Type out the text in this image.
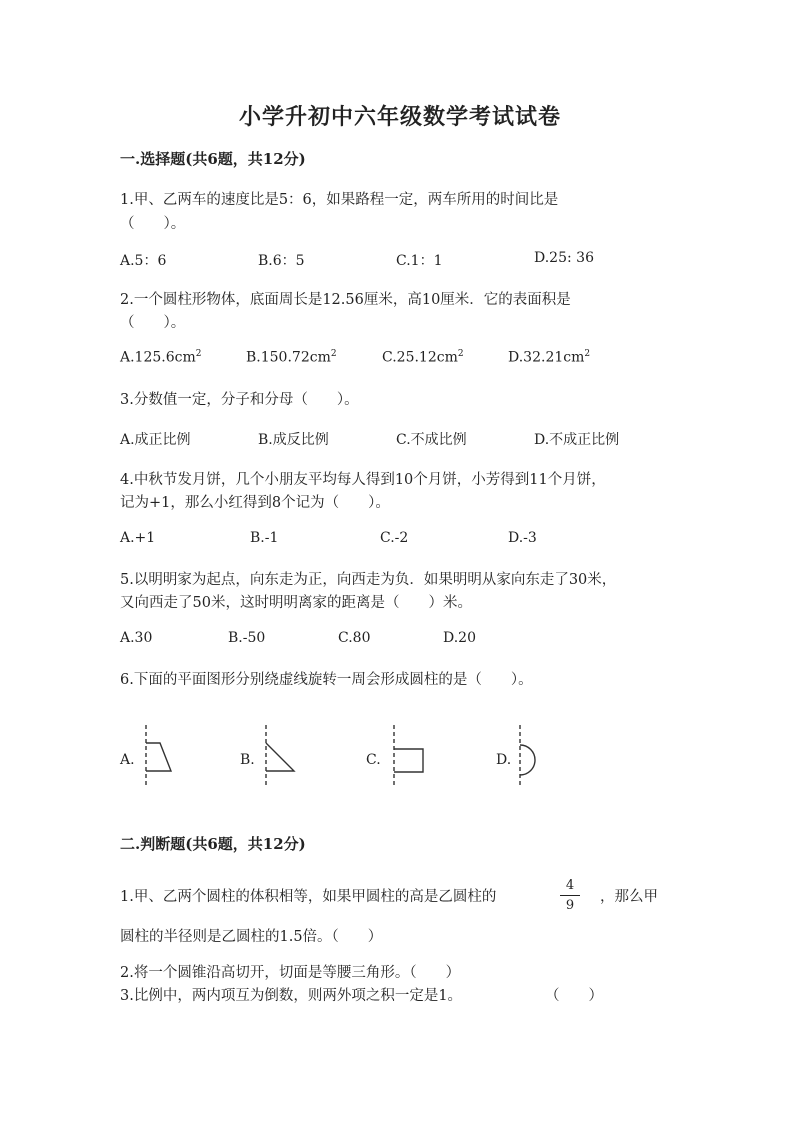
小学升初中六年级数学考试试卷
一.选择题(共6题，共12分)
1.甲、乙两车的速度比是5：6，如果路程一定，两车所用的时间比是
（　　）。
A.5：6	B.6：5	C.1：1	D.25: 36
2.一个圆柱形物体，底面周长是12.56厘米，高10厘米．它的表面积是
（　　）。
$A.125.6cm^2$	$B.150.72cm^2$	$C.25.12cm^2$	$D.32.21cm^2$
3.分数值一定，分子和分母（　　）。
A.成正比例	B.成反比例	C.不成比例	D.不成正比例
4.中秋节发月饼，几个小朋友平均每人得到10个月饼，小芳得到11个月饼，
记为+1，那么小红得到8个记为（　　）。
A.+1	B.-1	C.-2	D.-3
5.以明明家为起点，向东走为正，向西走为负．如果明明从家向东走了30米，
又向西走了50米，这时明明离家的距离是（　　）米。
A.30	B.-50	C.80	D.20
6.下面的平面图形分别绕虚线旋转一周会形成圆柱的是（　　）。
A.	B.	C.	D.
二.判断题(共6题，共12分)
1.甲、乙两个圆柱的体积相等，如果甲圆柱的高是乙圆柱的
4
9
，那么甲
圆柱的半径则是乙圆柱的1.5倍。（　　）
2.将一个圆锥沿高切开，切面是等腰三角形。（　　）
3.比例中，两内项互为倒数，则两外项之积一定是1。	（　　）
